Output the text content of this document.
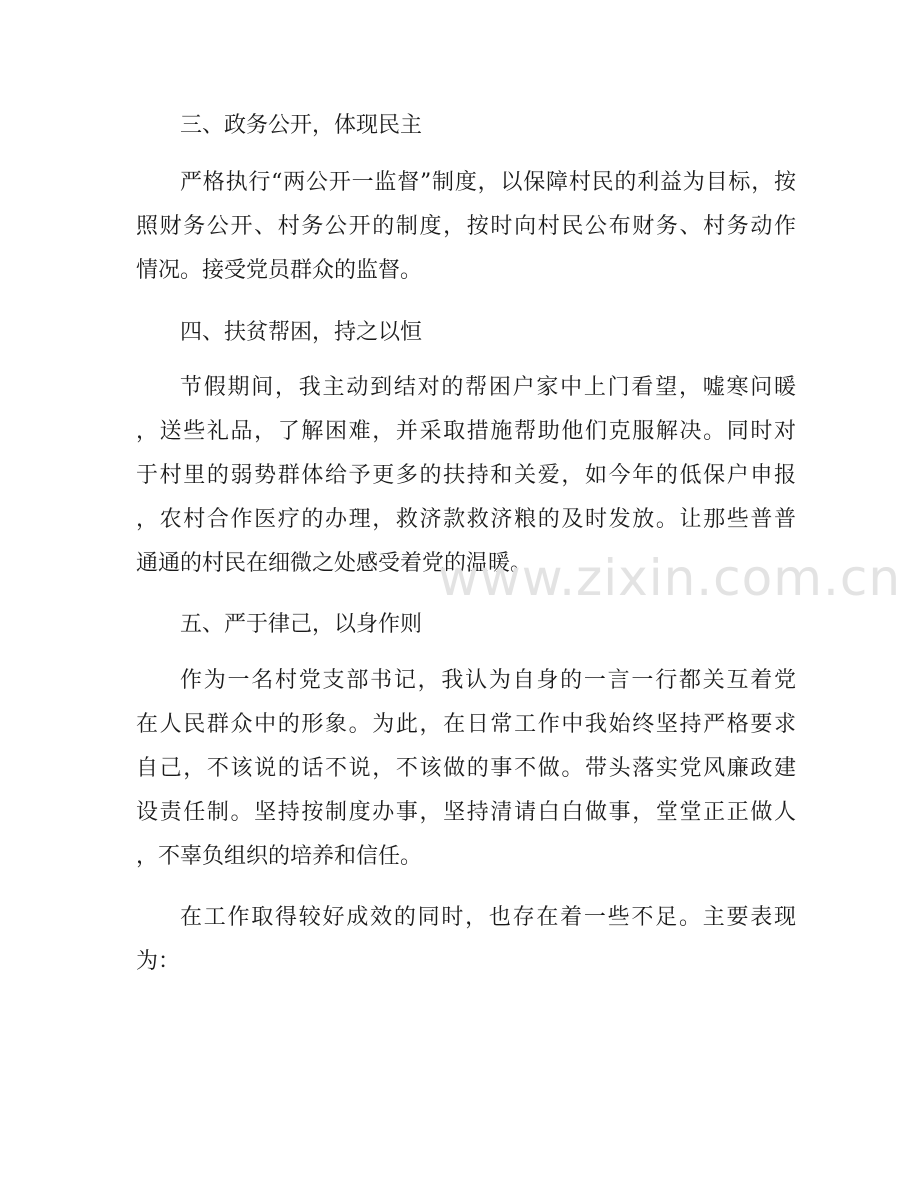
三、政务公开，体现民主
严格执行“两公开一监督”制度，以保障村民的利益为目标，按
照财务公开、村务公开的制度，按时向村民公布财务、村务动作
情况。接受党员群众的监督。
四、扶贫帮困，持之以恒
节假期间，我主动到结对的帮困户家中上门看望，嘘寒问暖
，送些礼品，了解困难，并采取措施帮助他们克服解决。同时对
于村里的弱势群体给予更多的扶持和关爱，如今年的低保户申报
，农村合作医疗的办理，救济款救济粮的及时发放。让那些普普
通通的村民在细微之处感受着党的温暖。
五、严于律己，以身作则
作为一名村党支部书记，我认为自身的一言一行都关互着党
在人民群众中的形象。为此，在日常工作中我始终坚持严格要求
自己，不该说的话不说，不该做的事不做。带头落实党风廉政建
设责任制。坚持按制度办事，坚持清请白白做事，堂堂正正做人
，不辜负组织的培养和信任。
在工作取得较好成效的同时，也存在着一些不足。主要表现
为：
www.zixin.com.cn
